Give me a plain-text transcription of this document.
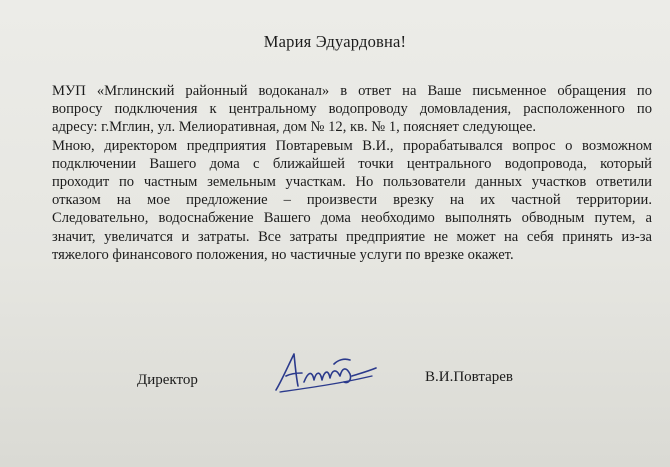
Мария Эдуардовна!
МУП «Мглинский районный водоканал» в ответ на Ваше письменное обращения по
вопросу подключения к центральному водопроводу домовладения, расположенного по
адресу: г.Мглин, ул. Мелиоративная, дом № 12, кв. № 1, поясняет следующее.
Мною, директором предприятия Повтаревым В.И., прорабатывался вопрос о возможном
подключении Вашего дома с ближайшей точки центрального водопровода, который
проходит по частным земельным участкам. Но пользователи данных участков ответили
отказом на мое предложение – произвести врезку на их частной территории.
Следовательно, водоснабжение Вашего дома необходимо выполнять обводным путем, а
значит, увеличатся и затраты. Все затраты предприятие не может на себя принять из-за
тяжелого финансового положения, но частичные услуги по врезке окажет.
Директор	В.И.Повтарев
